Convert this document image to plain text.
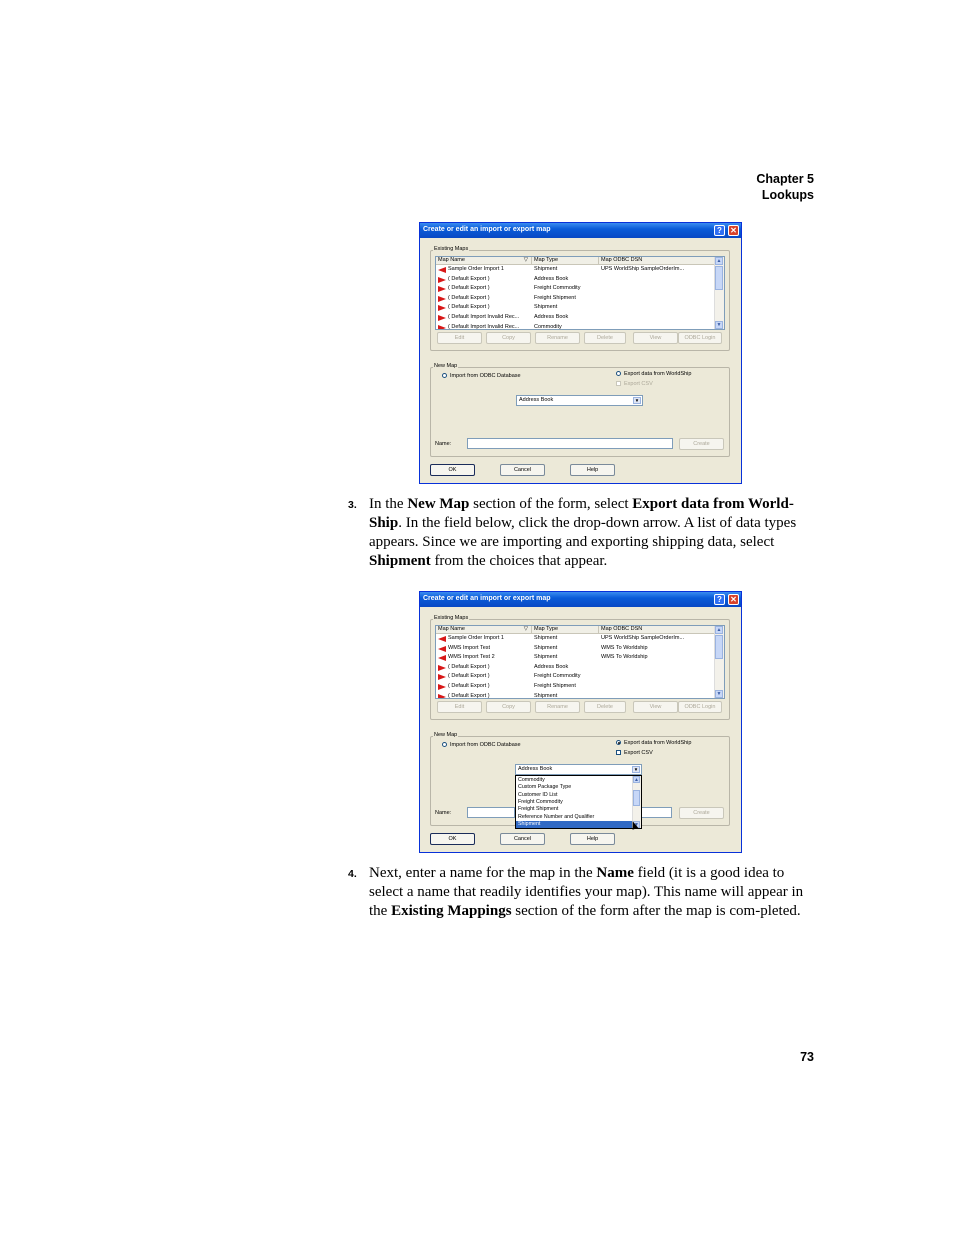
Chapter 5
Lookups
Create or edit an import or export map	?	✕
Existing Maps
Map Name	▽	Map Type	Map ODBC DSN
Sample Order Import 1	Shipment	UPS WorldShip SampleOrderIm...
( Default Export )	Address Book
( Default Export )	Freight Commodity
( Default Export )	Freight Shipment
( Default Export )	Shipment
( Default Import Invalid Rec...	Address Book
( Default Import Invalid Rec...	Commodity
▲
▼
Edit	Copy	Rename	Delete	View	ODBC Login
New Map
Import from ODBC Database	Export data from WorldShip
Export CSV
Address Book	▼
Name:	Create
OK	Cancel	Help
3. In the New Map section of the form, select Export data from World-Ship. In the field below, click the drop-down arrow. A list of data types appears. Since we are importing and exporting shipping data, select Shipment from the choices that appear.
Create or edit an import or export map	?	✕
Existing Maps
Map Name	▽	Map Type	Map ODBC DSN
Sample Order Import 1	Shipment	UPS WorldShip SampleOrderIm...
WMS Import Test	Shipment	WMS To Worldship
WMS Import Test 2	Shipment	WMS To Worldship
( Default Export )	Address Book
( Default Export )	Freight Commodity
( Default Export )	Freight Shipment
( Default Export )	Shipment
▲
▼
Edit	Copy	Rename	Delete	View	ODBC Login
New Map
Import from ODBC Database	Export data from WorldShip
Export CSV
Address Book	▼
Commodity
Custom Package Type
Customer ID List
Freight Commodity
Freight Shipment
Reference Number and Qualifier
Shipment
▲
▼
Name:	Create
OK	Cancel	Help
4. Next, enter a name for the map in the Name field (it is a good idea to select a name that readily identifies your map). This name will appear in the Existing Mappings section of the form after the map is com-pleted.
73
